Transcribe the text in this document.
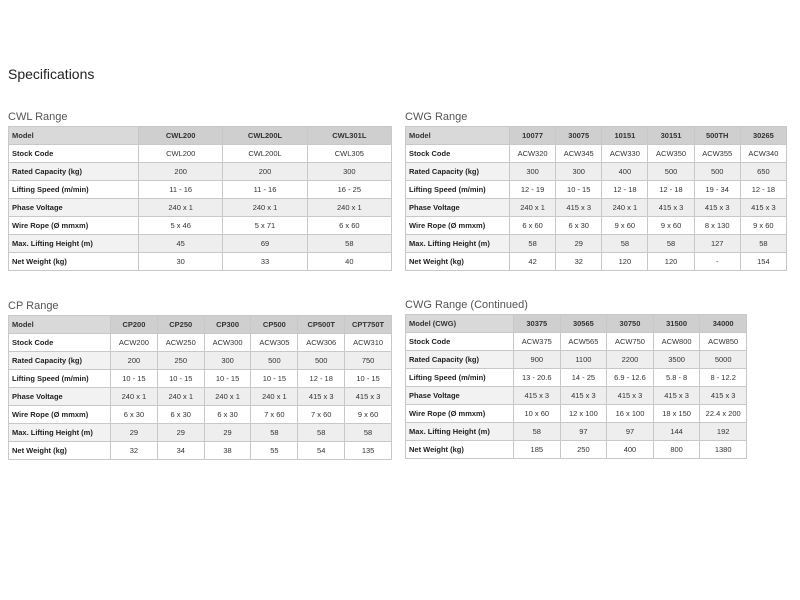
Specifications
CWL Range
Model	CWL200	CWL200L	CWL301L
Stock Code	CWL200	CWL200L	CWL305
Rated Capacity (kg)	200	200	300
Lifting Speed (m/min)	11 - 16	11 - 16	16 - 25
Phase Voltage	240 x 1	240 x 1	240 x 1
Wire Rope (Ø mmxm)	5 x 46	5 x 71	6 x 60
Max. Lifting Height (m)	45	69	58
Net Weight (kg)	30	33	40
CWG Range
Model	10077	30075	10151	30151	500TH	30265
Stock Code	ACW320	ACW345	ACW330	ACW350	ACW355	ACW340
Rated Capacity (kg)	300	300	400	500	500	650
Lifting Speed (m/min)	12 - 19	10 - 15	12 - 18	12 - 18	19 - 34	12 - 18
Phase Voltage	240 x 1	415 x 3	240 x 1	415 x 3	415 x 3	415 x 3
Wire Rope (Ø mmxm)	6 x 60	6 x 30	9 x 60	9 x 60	8 x 130	9 x 60
Max. Lifting Height (m)	58	29	58	58	127	58
Net Weight (kg)	42	32	120	120	-	154
CP Range
Model	CP200	CP250	CP300	CP500	CP500T	CPT750T
Stock Code	ACW200	ACW250	ACW300	ACW305	ACW306	ACW310
Rated Capacity (kg)	200	250	300	500	500	750
Lifting Speed (m/min)	10 - 15	10 - 15	10 - 15	10 - 15	12 - 18	10 - 15
Phase Voltage	240 x 1	240 x 1	240 x 1	240 x 1	415 x 3	415 x 3
Wire Rope (Ø mmxm)	6 x 30	6 x 30	6 x 30	7 x 60	7 x 60	9 x 60
Max. Lifting Height (m)	29	29	29	58	58	58
Net Weight (kg)	32	34	38	55	54	135
CWG Range (Continued)
Model (CWG)	30375	30565	30750	31500	34000
Stock Code	ACW375	ACW565	ACW750	ACW800	ACW850
Rated Capacity (kg)	900	1100	2200	3500	5000
Lifting Speed (m/min)	13 - 20.6	14 - 25	6.9 - 12.6	5.8 - 8	8 - 12.2
Phase Voltage	415 x 3	415 x 3	415 x 3	415 x 3	415 x 3
Wire Rope (Ø mmxm)	10 x 60	12 x 100	16 x 100	18 x 150	22.4 x 200
Max. Lifting Height (m)	58	97	97	144	192
Net Weight (kg)	185	250	400	800	1380
